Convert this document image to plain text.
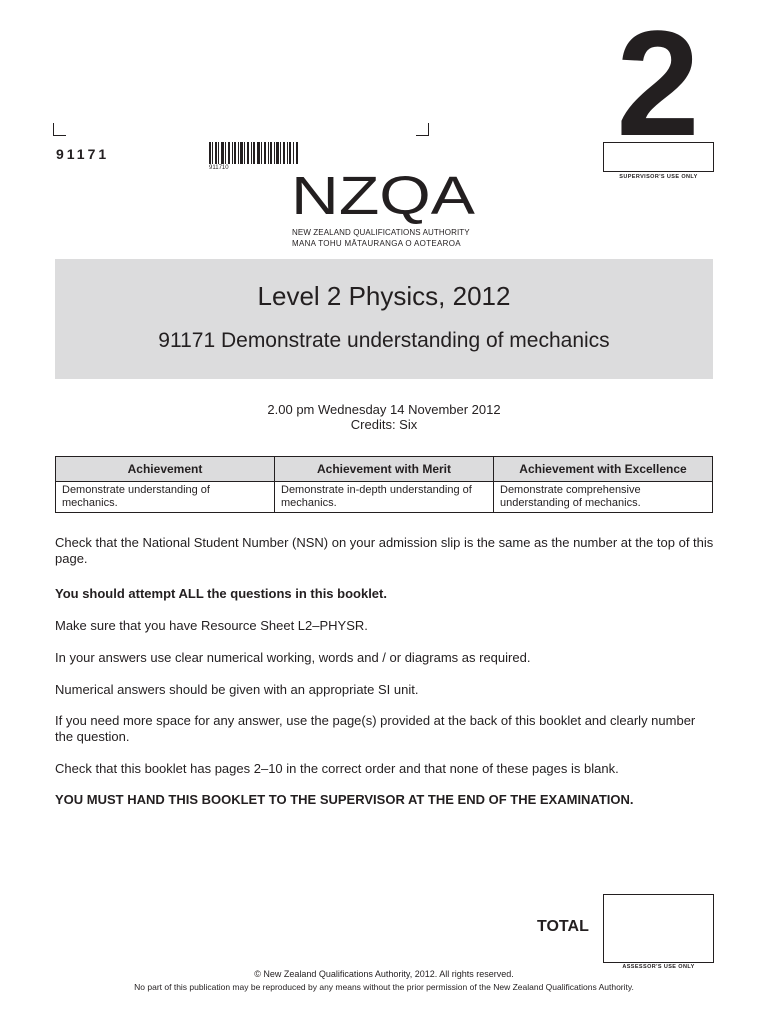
2
SUPERVISOR'S USE ONLY
91171
911710 NZQA
NEW ZEALAND QUALIFICATIONS AUTHORITY
MANA TOHU MĀTAURANGA O AOTEAROA
Level 2 Physics, 2012
91171 Demonstrate understanding of mechanics
2.00 pm Wednesday 14 November 2012
Credits: Six
Achievement	Achievement with Merit	Achievement with Excellence
Demonstrate understanding of mechanics.	Demonstrate in-depth understanding of mechanics.	Demonstrate comprehensive understanding of mechanics.
Check that the National Student Number (NSN) on your admission slip is the same as the number at the top of this page.
You should attempt ALL the questions in this booklet.
Make sure that you have Resource Sheet L2–PHYSR.
In your answers use clear numerical working, words and / or diagrams as required.
Numerical answers should be given with an appropriate SI unit.
If you need more space for any answer, use the page(s) provided at the back of this booklet and clearly number the question.
Check that this booklet has pages 2–10 in the correct order and that none of these pages is blank.
YOU MUST HAND THIS BOOKLET TO THE SUPERVISOR AT THE END OF THE EXAMINATION.
TOTAL
ASSESSOR'S USE ONLY
© New Zealand Qualifications Authority, 2012. All rights reserved.
No part of this publication may be reproduced by any means without the prior permission of the New Zealand Qualifications Authority.
